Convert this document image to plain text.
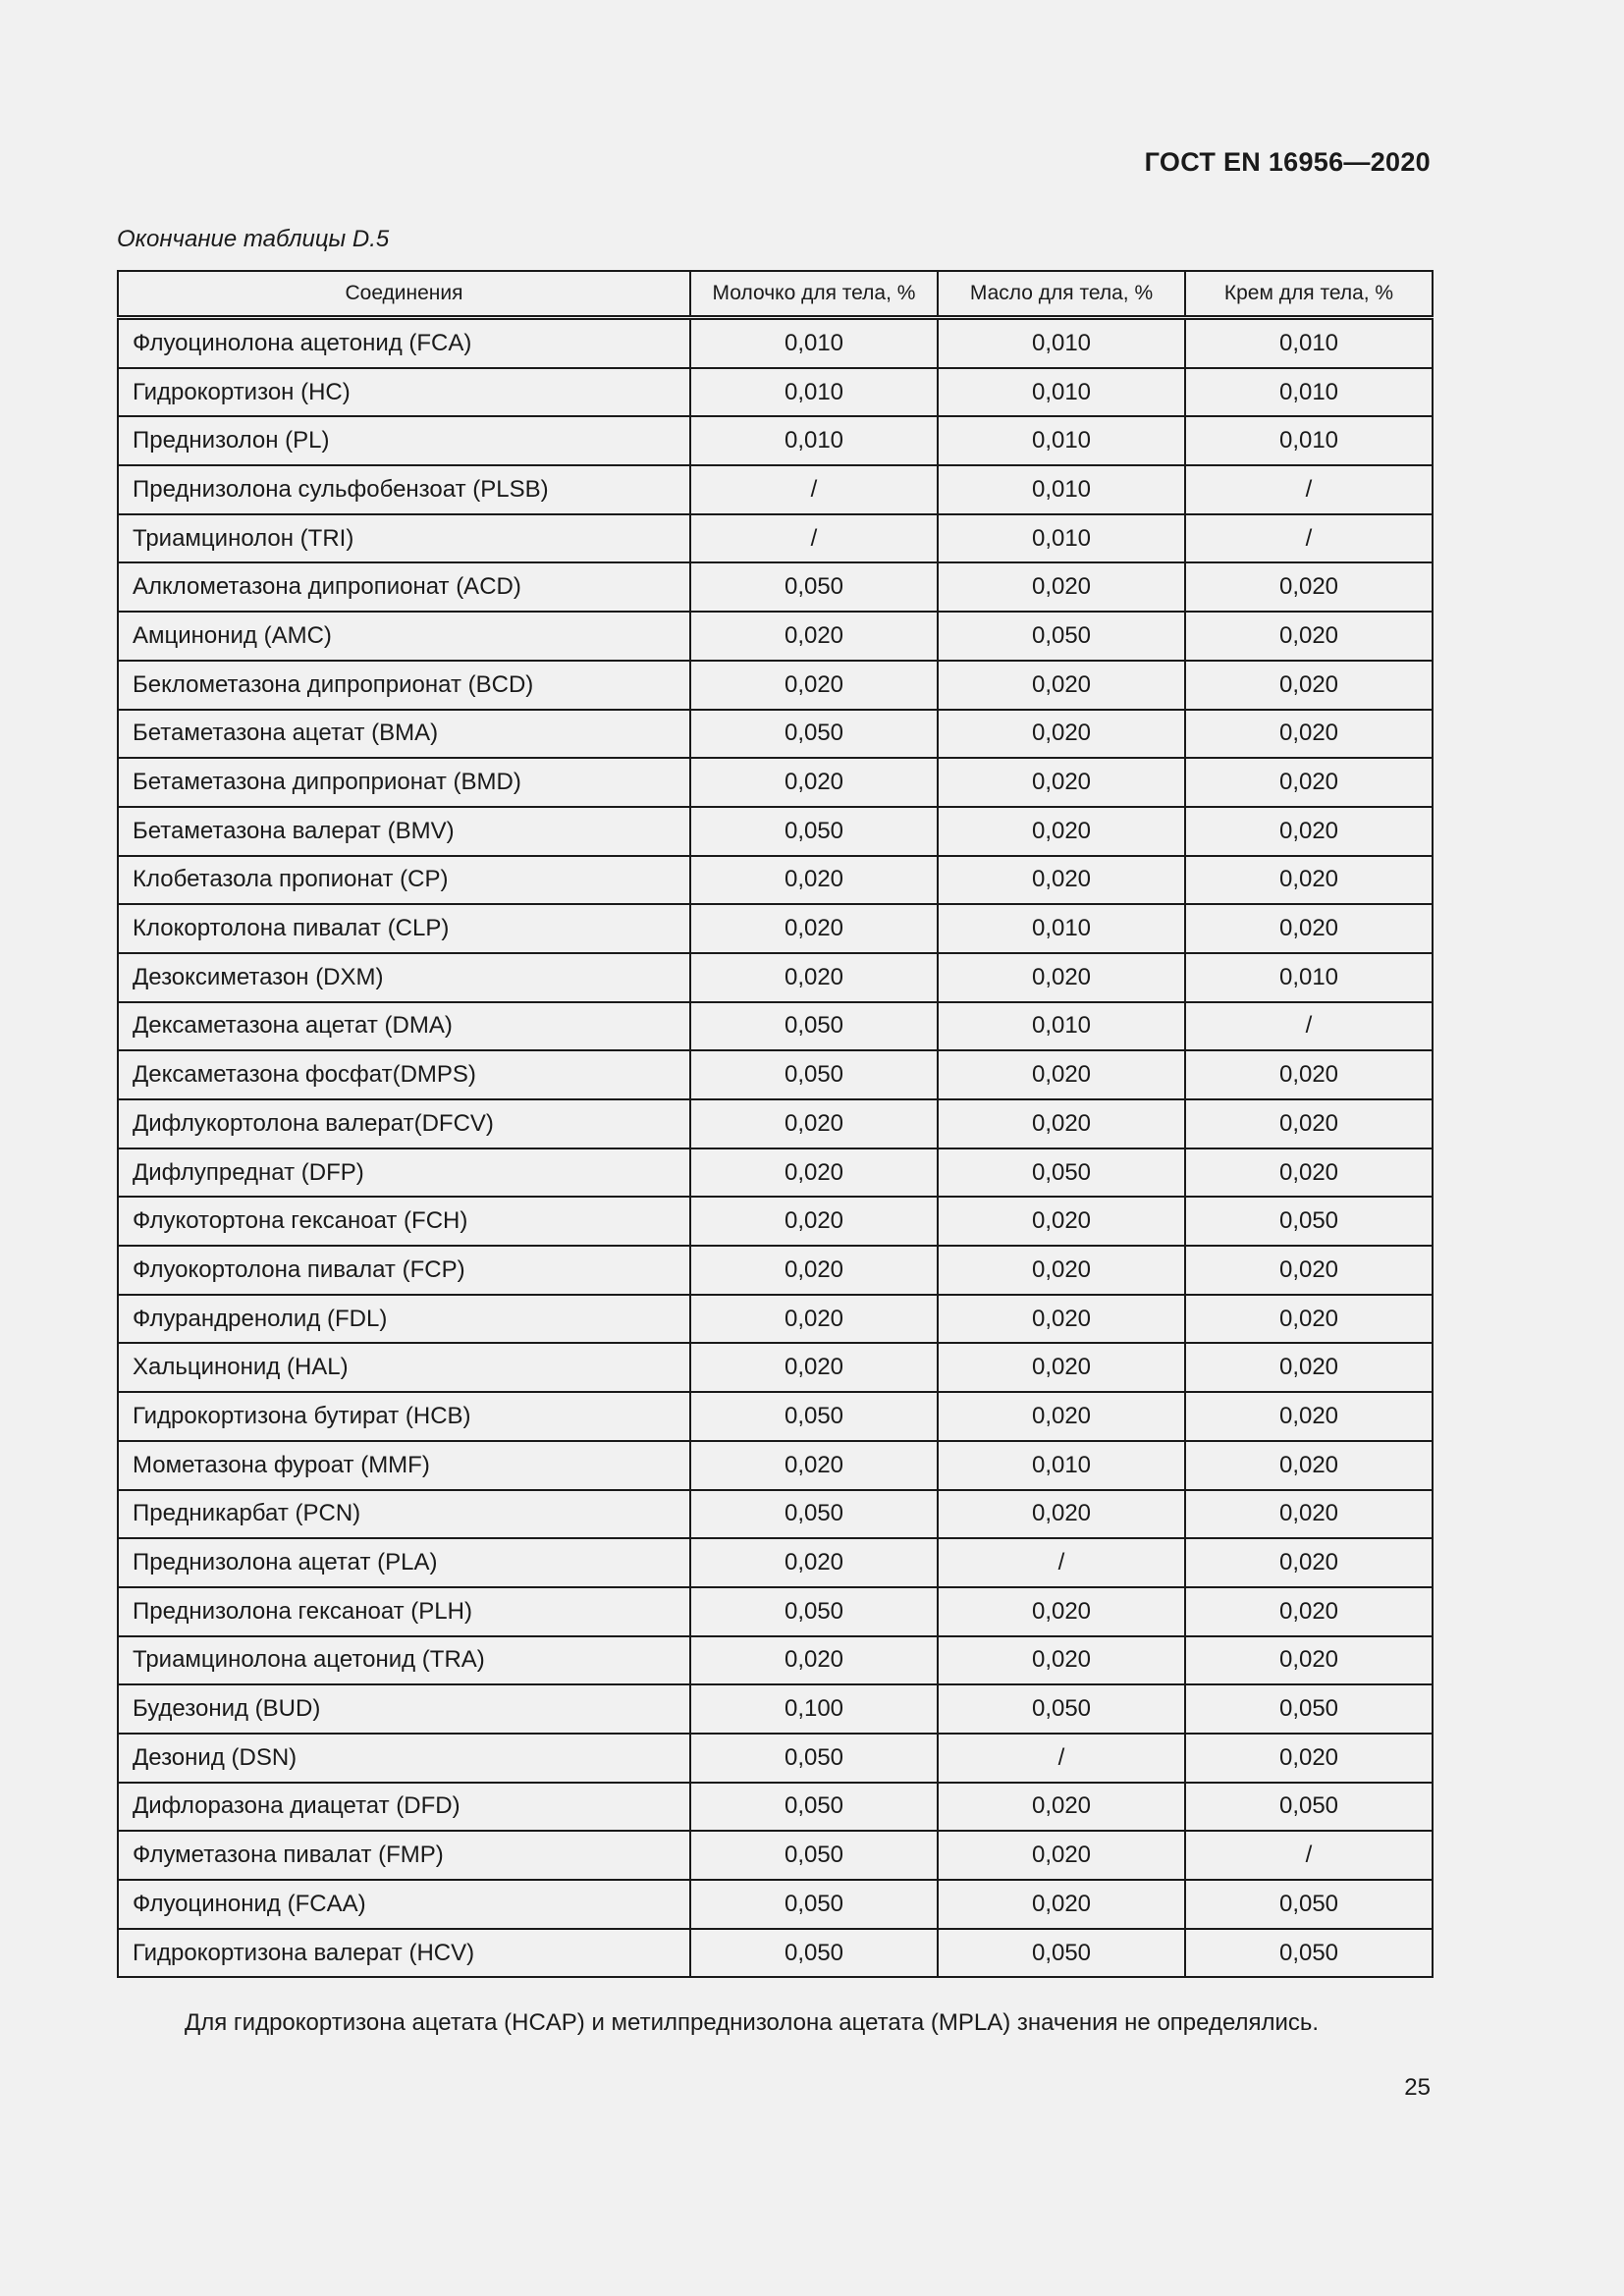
ГОСТ EN 16956—2020
Окончание таблицы D.5
Соединения	Молочко для тела, %	Масло для тела, %	Крем для тела, %
Флуоцинолона ацетонид (FCA)	0,010	0,010	0,010
Гидрокортизон (HC)	0,010	0,010	0,010
Преднизолон (PL)	0,010	0,010	0,010
Преднизолона сульфобензоат (PLSB)	/	0,010	/
Триамцинолон (TRI)	/	0,010	/
Алклометазона дипропионат (ACD)	0,050	0,020	0,020
Амцинонид (AMC)	0,020	0,050	0,020
Беклометазона дипроприонат (BCD)	0,020	0,020	0,020
Бетаметазона ацетат (BMA)	0,050	0,020	0,020
Бетаметазона дипроприонат (BMD)	0,020	0,020	0,020
Бетаметазона валерат (BMV)	0,050	0,020	0,020
Клобетазола пропионат (CP)	0,020	0,020	0,020
Клокортолона пивалат (CLP)	0,020	0,010	0,020
Дезоксиметазон (DXM)	0,020	0,020	0,010
Дексаметазона ацетат (DMA)	0,050	0,010	/
Дексаметазона фосфат(DMPS)	0,050	0,020	0,020
Дифлукортолона валерат(DFCV)	0,020	0,020	0,020
Дифлупреднат (DFP)	0,020	0,050	0,020
Флукотортона гексаноат (FCH)	0,020	0,020	0,050
Флуокортолона пивалат (FCP)	0,020	0,020	0,020
Флурандренолид (FDL)	0,020	0,020	0,020
Хальцинонид (HAL)	0,020	0,020	0,020
Гидрокортизона бутират (HCB)	0,050	0,020	0,020
Мометазона фуроат (MMF)	0,020	0,010	0,020
Предникарбат (PCN)	0,050	0,020	0,020
Преднизолона ацетат (PLA)	0,020	/	0,020
Преднизолона гексаноат (PLH)	0,050	0,020	0,020
Триамцинолона ацетонид (TRA)	0,020	0,020	0,020
Будезонид (BUD)	0,100	0,050	0,050
Дезонид (DSN)	0,050	/	0,020
Дифлоразона диацетат (DFD)	0,050	0,020	0,050
Флуметазона пивалат (FMP)	0,050	0,020	/
Флуоцинонид (FCAA)	0,050	0,020	0,050
Гидрокортизона валерат (HCV)	0,050	0,050	0,050
Для гидрокортизона ацетата (HCAP) и метилпреднизолона ацетата (MPLA) значения не определялись.
25
